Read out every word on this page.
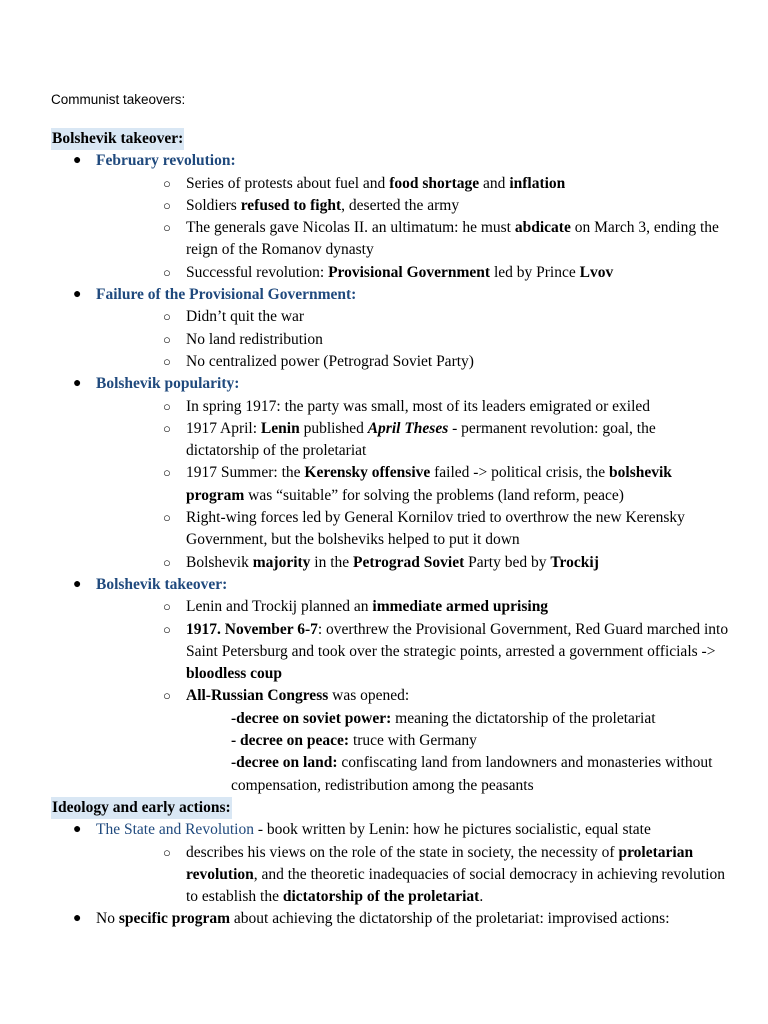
Communist takeovers:
Bolshevik takeover:
● February revolution:
○ Series of protests about fuel and food shortage and inflation
○ Soldiers refused to fight, deserted the army
○ The generals gave Nicolas II. an ultimatum: he must abdicate on March 3, ending the reign of the Romanov dynasty
○ Successful revolution: Provisional Government led by Prince Lvov
● Failure of the Provisional Government:
○ Didn’t quit the war
○ No land redistribution
○ No centralized power (Petrograd Soviet Party)
● Bolshevik popularity:
○ In spring 1917: the party was small, most of its leaders emigrated or exiled
○ 1917 April: Lenin published April Theses - permanent revolution: goal, the dictatorship of the proletariat
○ 1917 Summer: the Kerensky offensive failed -> political crisis, the bolshevik program was “suitable” for solving the problems (land reform, peace)
○ Right-wing forces led by General Kornilov tried to overthrow the new Kerensky Government, but the bolsheviks helped to put it down
○ Bolshevik majority in the Petrograd Soviet Party bed by Trockij
● Bolshevik takeover:
○ Lenin and Trockij planned an immediate armed uprising
○ 1917. November 6-7: overthrew the Provisional Government, Red Guard marched into Saint Petersburg and took over the strategic points, arrested a government officials -> bloodless coup
○ All-Russian Congress was opened:
-decree on soviet power: meaning the dictatorship of the proletariat
- decree on peace: truce with Germany
-decree on land: confiscating land from landowners and monasteries without
compensation, redistribution among the peasants
Ideology and early actions:
● The State and Revolution - book written by Lenin: how he pictures socialistic, equal state
○ describes his views on the role of the state in society, the necessity of proletarian revolution, and the theoretic inadequacies of social democracy in achieving revolution to establish the dictatorship of the proletariat.
● No specific program about achieving the dictatorship of the proletariat: improvised actions:
